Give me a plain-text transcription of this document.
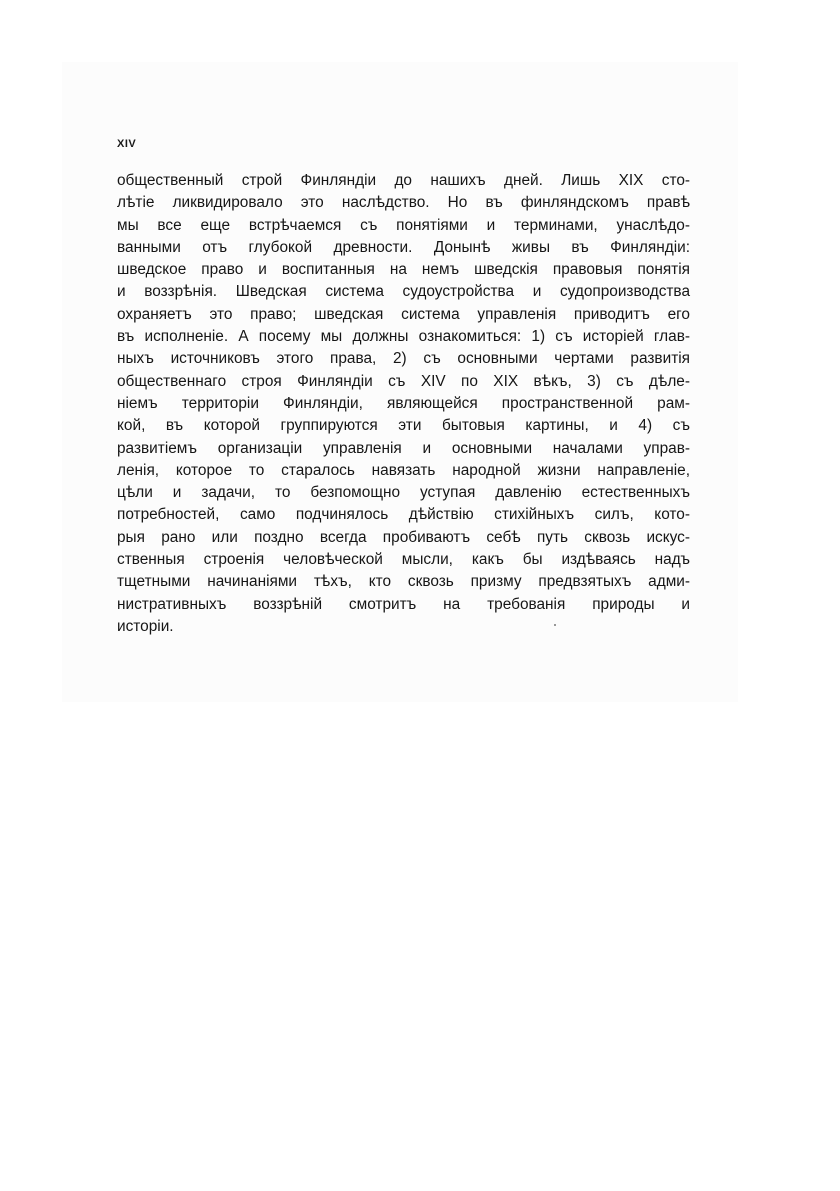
XIV
общественный строй Финляндіи до нашихъ дней. Лишь XIX сто-
лѣтіе ликвидировало это наслѣдство. Но въ финляндскомъ правѣ
мы все еще встрѣчаемся съ понятіями и терминами, унаслѣдо-
ванными отъ глубокой древности. Донынѣ живы въ Финляндіи:
шведское право и воспитанныя на немъ шведскія правовыя понятія
и воззрѣнія. Шведская система судоустройства и судопроизводства
охраняетъ это право; шведская система управленія приводитъ его
въ исполненіе. А посему мы должны ознакомиться: 1) съ исторіей глав-
ныхъ источниковъ этого права, 2) съ основными чертами развитія
общественнаго строя Финляндіи съ XIV по XIX вѣкъ, 3) съ дѣле-
ніемъ территоріи Финляндіи, являющейся пространственной рам-
кой, въ которой группируются эти бытовыя картины, и 4) съ
развитіемъ организаціи управленія и основными началами управ-
ленія, которое то старалось навязать народной жизни направленіе,
цѣли и задачи, то безпомощно уступая давленію естественныхъ
потребностей, само подчинялось дѣйствію стихійныхъ силъ, кото-
рыя рано или поздно всегда пробиваютъ себѣ путь сквозь искус-
ственныя строенія человѣческой мысли, какъ бы издѣваясь надъ
тщетными начинаніями тѣхъ, кто сквозь призму предвзятыхъ адми-
нистративныхъ воззрѣній смотритъ на требованія природы и
исторіи.
